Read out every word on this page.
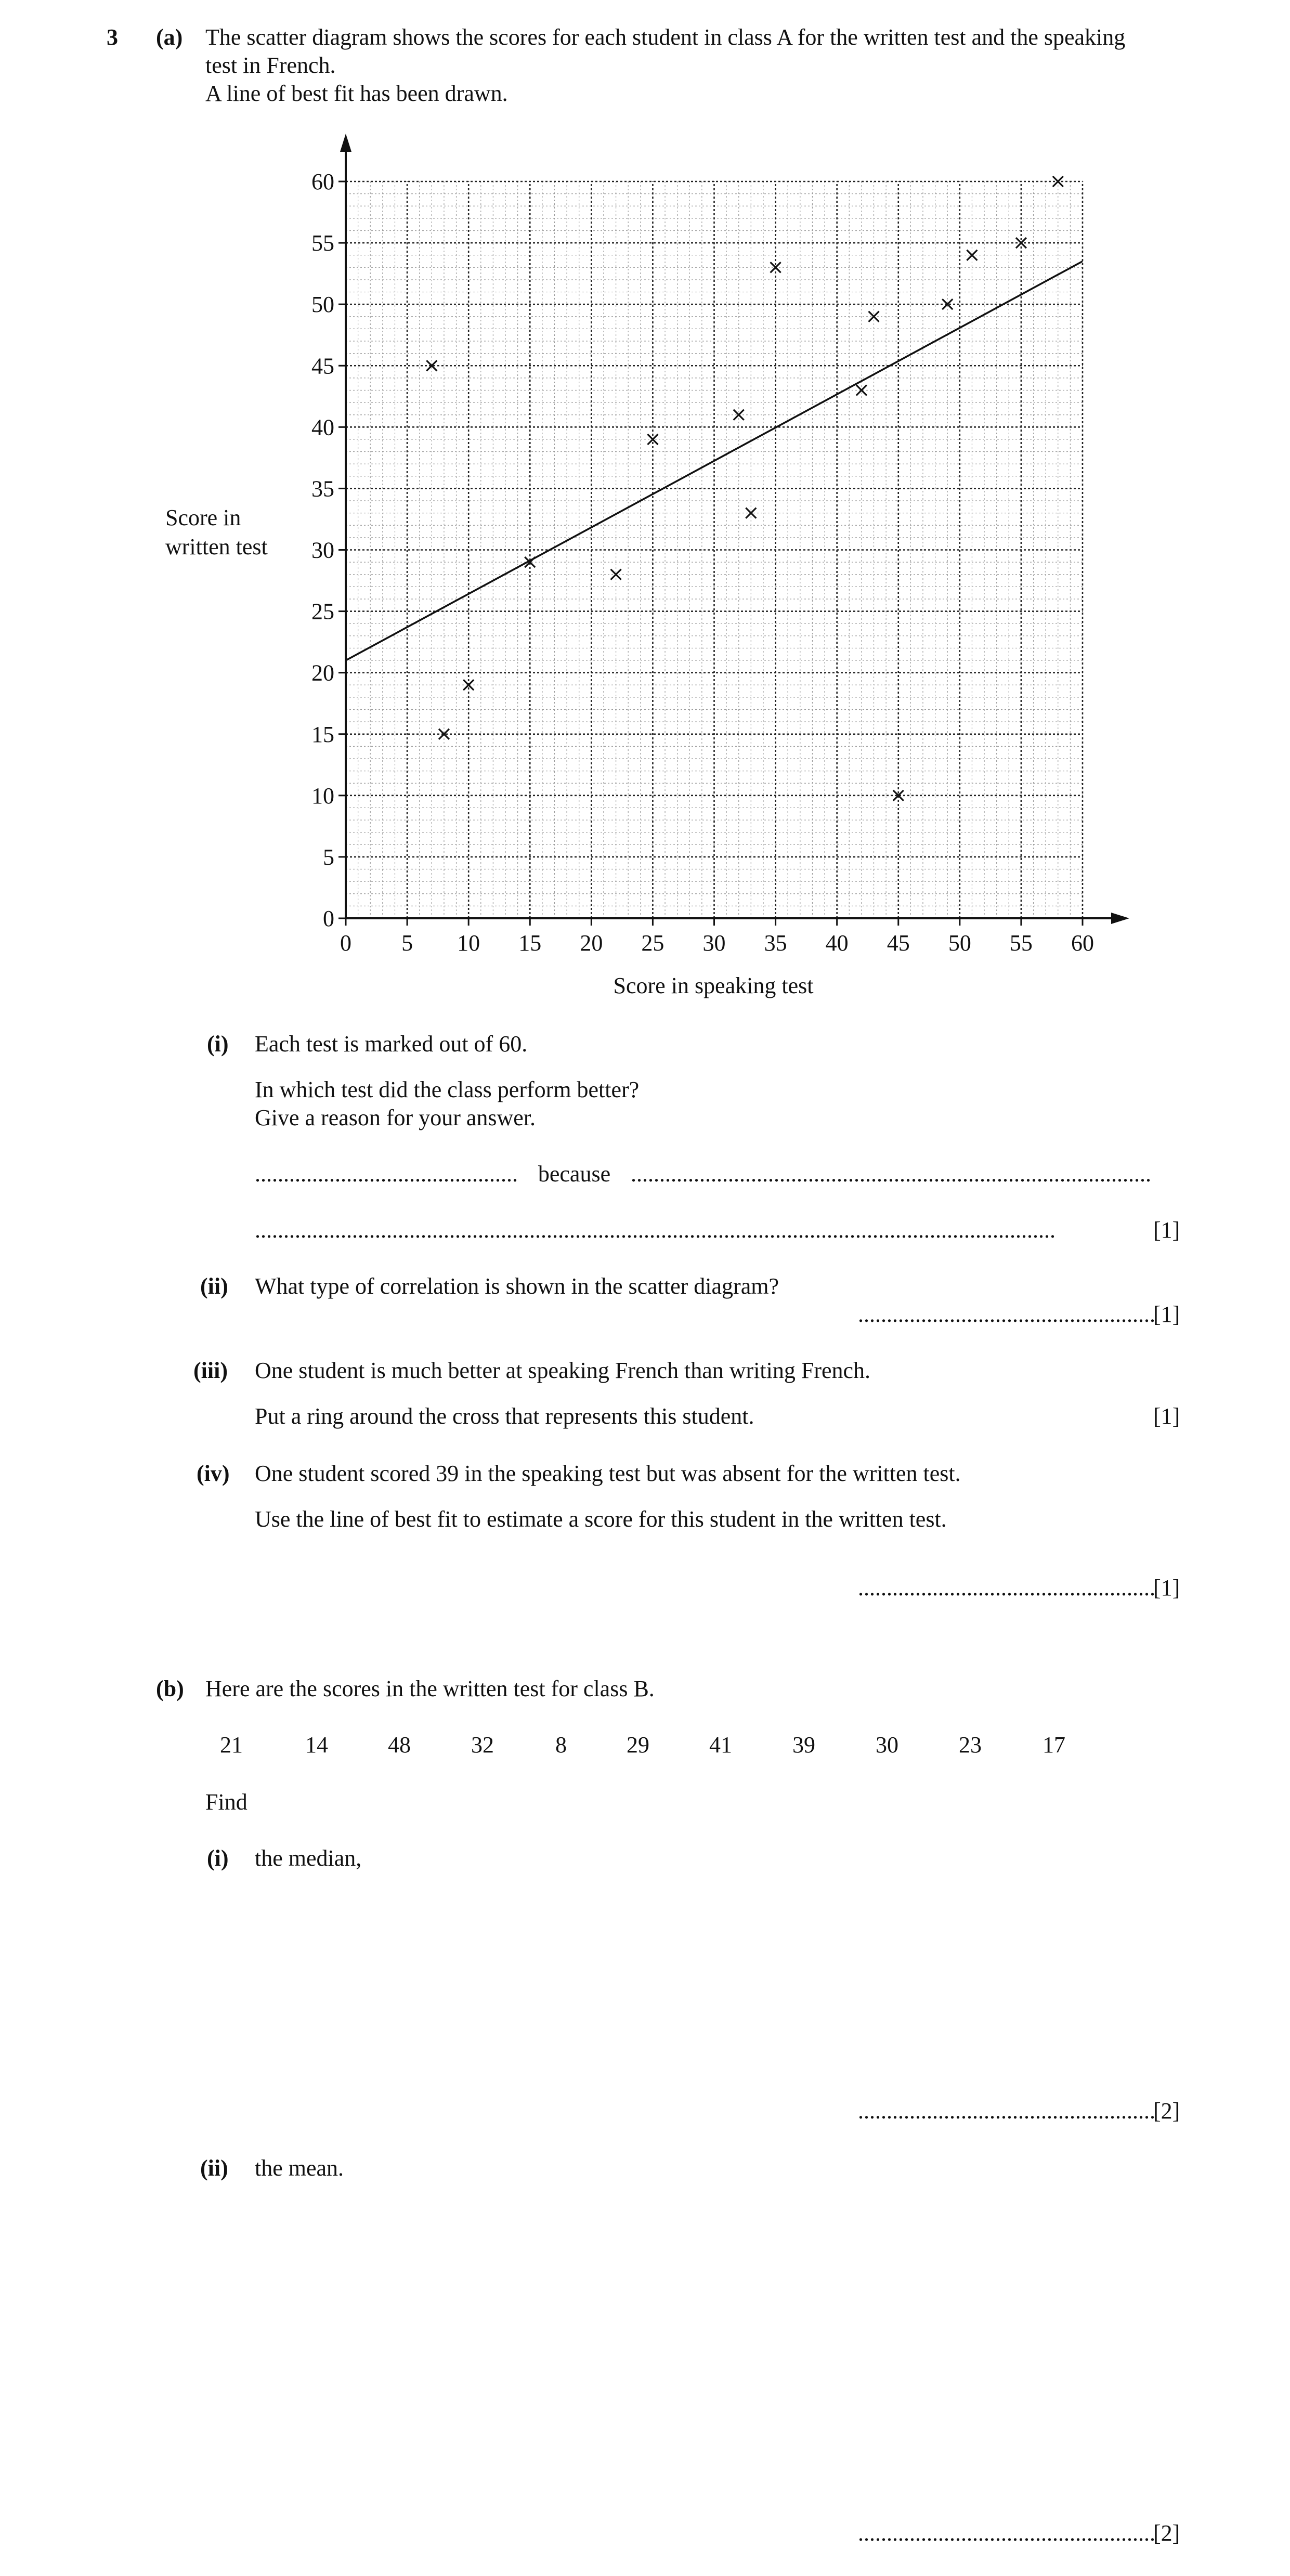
3 (a) The scatter diagram shows the scores for each student in class A for the written test and the speaking
test in French.
A line of best fit has been drawn.
0 5 10 15 20 25 30 35 40 45 50 55 60
0
5
10
15
20
25
30
35
40
45
50
55
60
Score in speaking test
Score in
written test
(i) Each test is marked out of 60.
In which test did the class perform better?
Give a reason for your answer.
.............................................. because ...........................................................................................
............................................................................................................................................	[1]
(ii) What type of correlation is shown in the scatter diagram?
....................................................
[1]
(iii) One student is much better at speaking French than writing French.
Put a ring around the cross that represents this student.	[1]
(iv) One student scored 39 in the speaking test but was absent for the written test.
Use the line of best fit to estimate a score for this student in the written test.
....................................................
[1]
(b) Here are the scores in the written test for class B.
21	14	48	32	8	29	41	39	30	23	17
Find
(i) the median,
....................................................
[2]
(ii) the mean.
....................................................
[2]
